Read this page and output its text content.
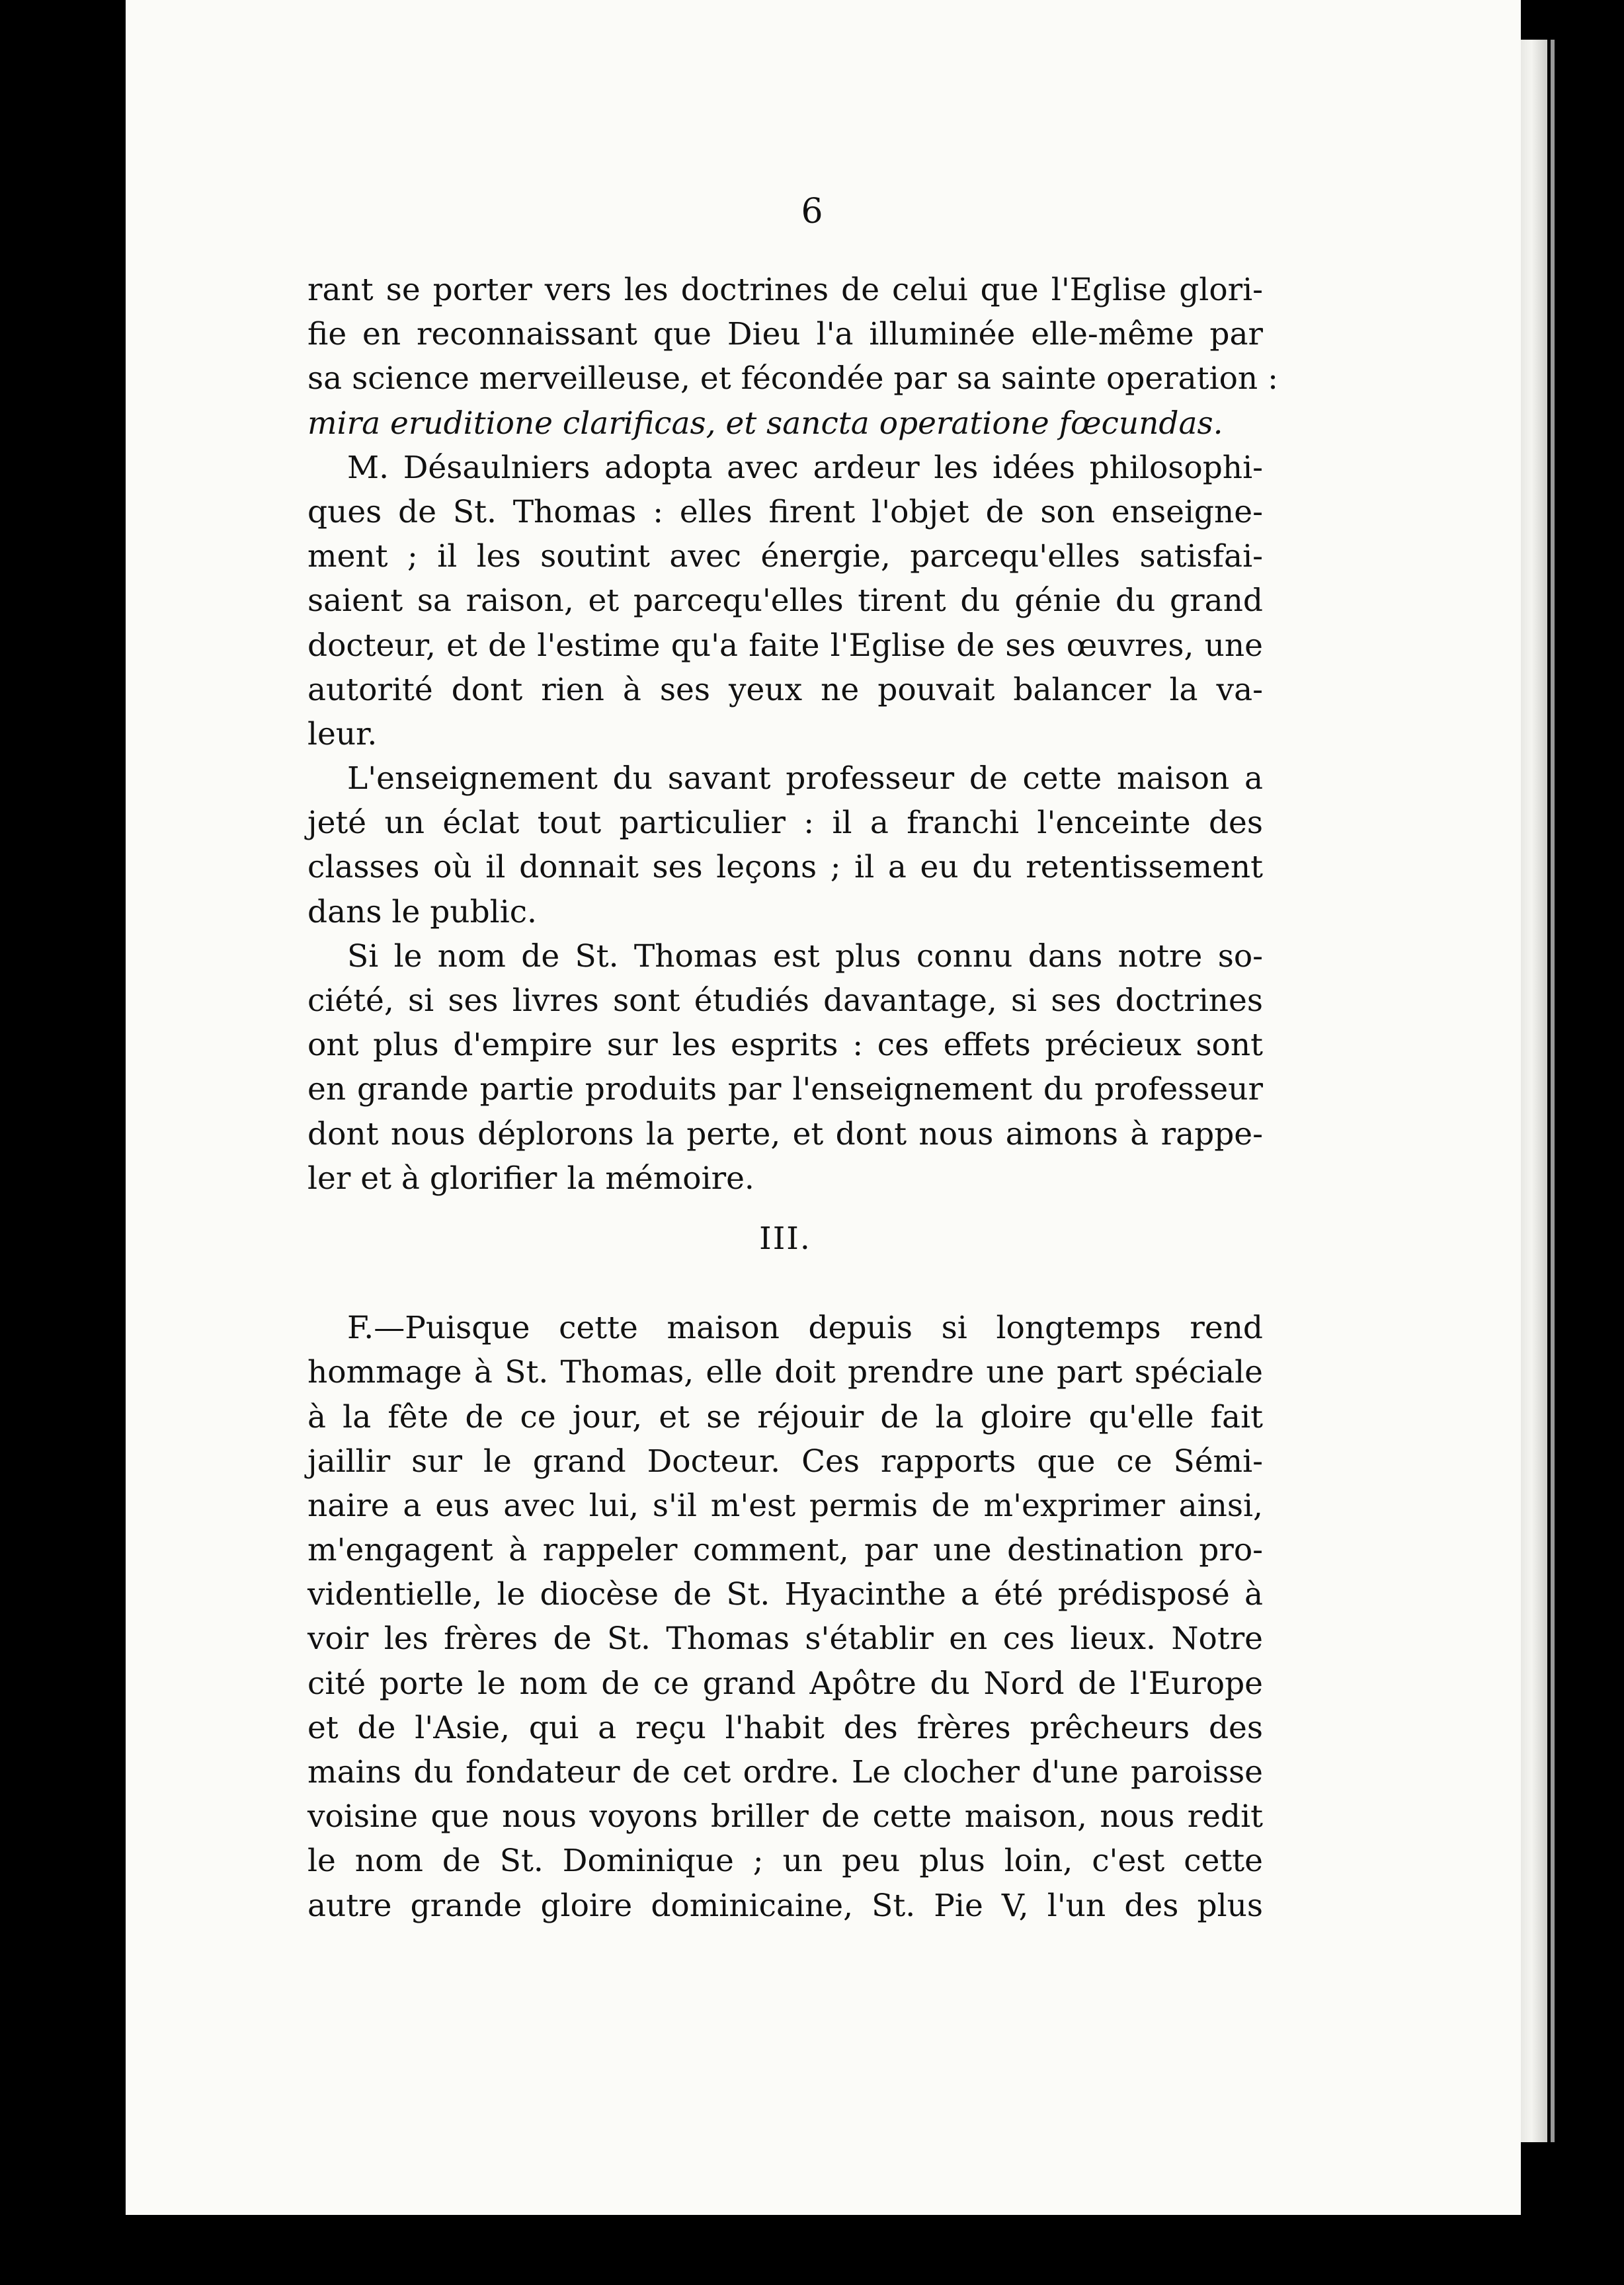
6
rant se porter vers les doctrines de celui que l'Eglise glori-
fie en reconnaissant que Dieu l'a illuminée elle-même par
sa science merveilleuse, et fécondée par sa sainte operation :
mira eruditione clarificas, et sancta operatione fœcundas.
M. Désaulniers adopta avec ardeur les idées philosophi-
ques de St. Thomas : elles firent l'objet de son enseigne-
ment ; il les soutint avec énergie, parcequ'elles satisfai-
saient sa raison, et parcequ'elles tirent du génie du grand
docteur, et de l'estime qu'a faite l'Eglise de ses œuvres, une
autorité dont rien à ses yeux ne pouvait balancer la va-
leur.
L'enseignement du savant professeur de cette maison a
jeté un éclat tout particulier : il a franchi l'enceinte des
classes où il donnait ses leçons ; il a eu du retentissement
dans le public.
Si le nom de St. Thomas est plus connu dans notre so-
ciété, si ses livres sont étudiés davantage, si ses doctrines
ont plus d'empire sur les esprits : ces effets précieux sont
en grande partie produits par l'enseignement du professeur
dont nous déplorons la perte, et dont nous aimons à rappe-
ler et à glorifier la mémoire.
III.
F.—Puisque cette maison depuis si longtemps rend
hommage à St. Thomas, elle doit prendre une part spéciale
à la fête de ce jour, et se réjouir de la gloire qu'elle fait
jaillir sur le grand Docteur. Ces rapports que ce Sémi-
naire a eus avec lui, s'il m'est permis de m'exprimer ainsi,
m'engagent à rappeler comment, par une destination pro-
videntielle, le diocèse de St. Hyacinthe a été prédisposé à
voir les frères de St. Thomas s'établir en ces lieux. Notre
cité porte le nom de ce grand Apôtre du Nord de l'Europe
et de l'Asie, qui a reçu l'habit des frères prêcheurs des
mains du fondateur de cet ordre. Le clocher d'une paroisse
voisine que nous voyons briller de cette maison, nous redit
le nom de St. Dominique ; un peu plus loin, c'est cette
autre grande gloire dominicaine, St. Pie V, l'un des plus
